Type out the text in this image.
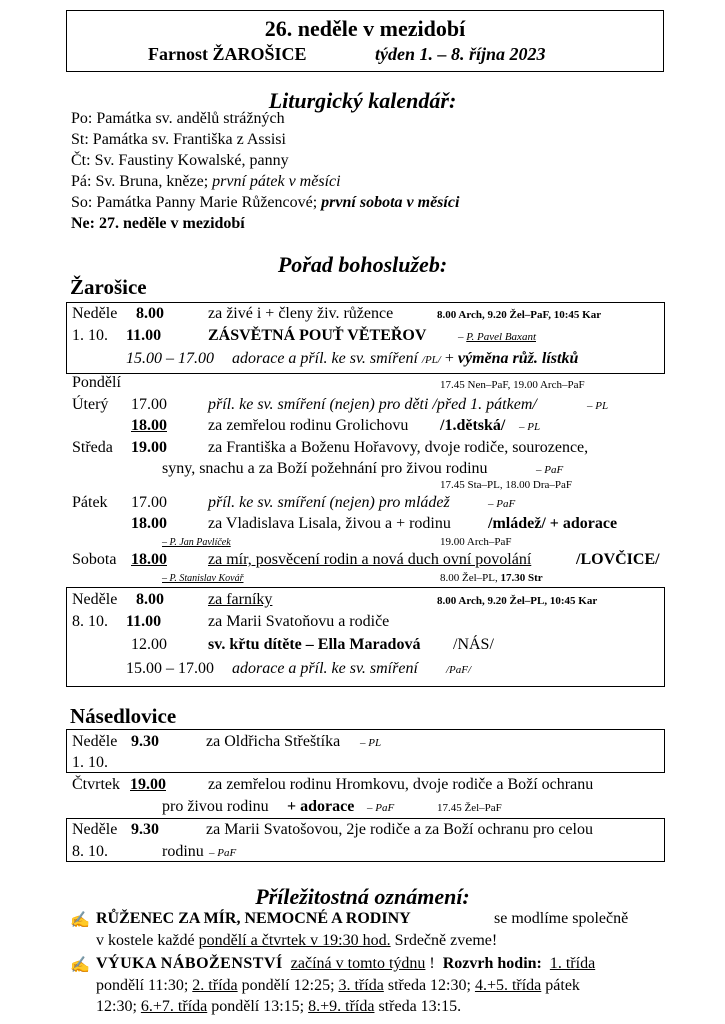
26. neděle v mezidobí
Farnost ŽAROŠICE	týden 1. – 8. října 2023
Liturgický kalendář:
Po: Památka sv. andělů strážných
St: Památka sv. Františka z Assisi
Čt: Sv. Faustiny Kowalské, panny
Pá: Sv. Bruna, kněze; první pátek v měsíci
So: Památka Panny Marie Růžencové; první sobota v měsíci
Ne: 27. neděle v mezidobí
Pořad bohoslužeb:
Žarošice
Neděle 8.00	za živé i + členy živ. růžence	8.00 Arch, 9.20 Žel–PaF, 10:45 Kar
1. 10. 11.00	ZÁSVĚTNÁ POUŤ VĚTEŘOV	– P. Pavel Baxant
15.00 – 17.00 adorace a příl. ke sv. smíření /PL/ + výměna růž. lístků
Pondělí	17.45 Nen–PaF, 19.00 Arch–PaF
Úterý 17.00	příl. ke sv. smíření (nejen) pro děti /před 1. pátkem/	– PL
18.00	za zemřelou rodinu Grolichovu /1.dětská/ – PL
Středa 19.00	za Františka a Boženu Hořavovy, dvoje rodiče, sourozence,
syny, snachu a za Boží požehnání pro živou rodinu	– PaF
17.45 Sta–PL, 18.00 Dra–PaF
Pátek 17.00	příl. ke sv. smíření (nejen) pro mládež	– PaF
18.00	za Vladislava Lisala, živou a + rodinu /mládež/ + adorace
– P. Jan Pavlíček	19.00 Arch–PaF
Sobota 18.00	za mír, posvěcení rodin a nová duch ovní povolání	/LOVČICE/
– P. Stanislav Kovář	8.00 Žel–PL, 17.30 Str
Neděle 8.00	za farníky	8.00 Arch, 9.20 Žel–PL, 10:45 Kar
8. 10. 11.00	za Marii Svatoňovu a rodiče
12.00	sv. křtu dítěte – Ella Maradová /NÁS/
15.00 – 17.00 adorace a příl. ke sv. smíření	/PaF/
Násedlovice
Neděle 9.30	za Oldřicha Střeštíka – PL
1. 10.
Čtvrtek 19.00	za zemřelou rodinu Hromkovu, dvoje rodiče a Boží ochranu
pro živou rodinu + adorace – PaF	17.45 Žel–PaF
Neděle 9.30	za Marii Svatošovou, 2je rodiče a za Boží ochranu pro celou
8. 10.	rodinu – PaF
Příležitostná oznámení:
✍ RŮŽENEC ZA MÍR, NEMOCNÉ A RODINY	se modlíme společně
v kostele každé pondělí a čtvrtek v 19:30 hod. Srdečně zveme!
✍ VÝUKA NÁBOŽENSTVÍ začíná v tomto týdnu ! Rozvrh hodin: 1. třída
pondělí 11:30; 2. třída pondělí 12:25; 3. třída středa 12:30; 4.+5. třída pátek
12:30; 6.+7. třída pondělí 13:15; 8.+9. třída středa 13:15.
